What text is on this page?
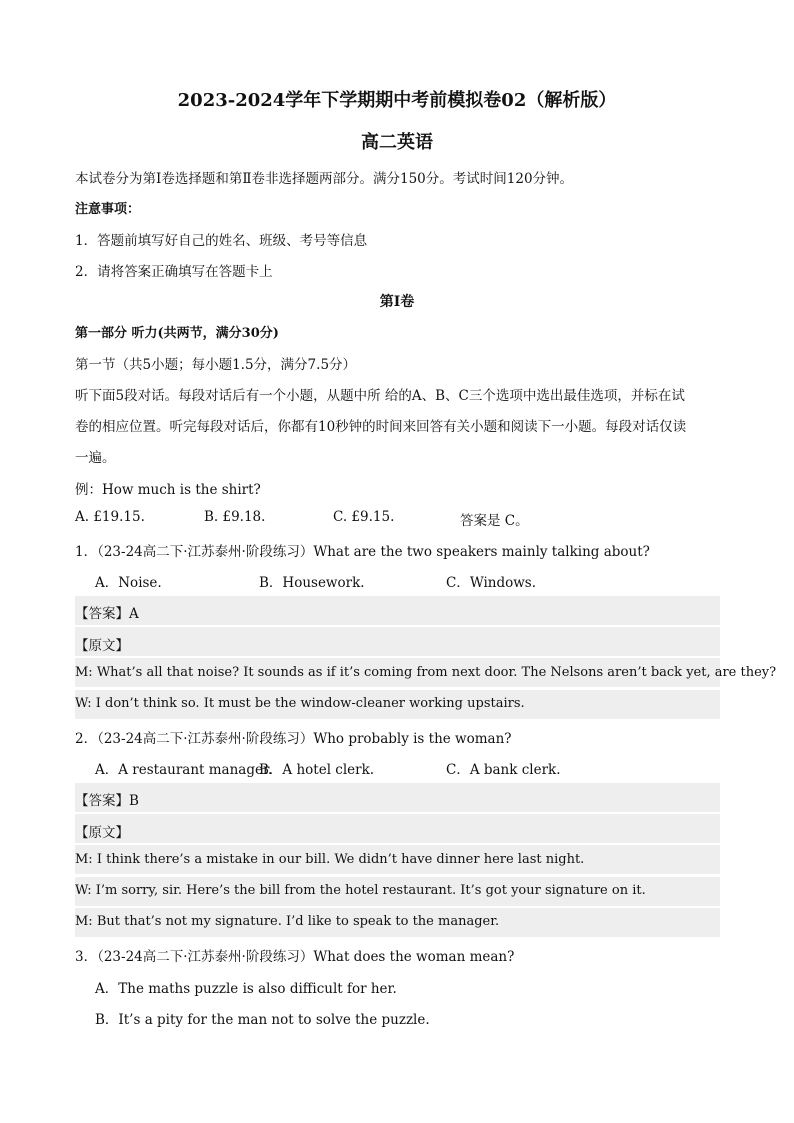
2023-2024学年下学期期中考前模拟卷02（解析版）
高二英语
本试卷分为第Ⅰ卷选择题和第Ⅱ卷非选择题两部分。满分150分。考试时间120分钟。
注意事项：
1．答题前填写好自己的姓名、班级、考号等信息
2．请将答案正确填写在答题卡上
第Ⅰ卷
第一部分 听力(共两节，满分30分)
第一节（共5小题；每小题1.5分，满分7.5分）
听下面5段对话。每段对话后有一个小题，从题中所 给的A、B、C三个选项中选出最佳选项，并标在试
卷的相应位置。听完每段对话后，你都有10秒钟的时间来回答有关小题和阅读下一小题。每段对话仅读
一遍。
例：How much is the shirt?
A. £19.15.	B. £9.18.	C. £9.15.	答案是 C。
1．（23-24高二下·江苏泰州·阶段练习）What are the two speakers mainly talking about?
A．Noise.	B．Housework.	C．Windows.
【答案】A
【原文】
M: What’s all that noise? It sounds as if it’s coming from next door. The Nelsons aren’t back yet, are they?
W: I don’t think so. It must be the window-cleaner working upstairs.
2．（23-24高二下·江苏泰州·阶段练习）Who probably is the woman?
A．A restaurant manager.
B．A hotel clerk.	C．A bank clerk.
【答案】B
【原文】
M: I think there’s a mistake in our bill. We didn’t have dinner here last night.
W: I’m sorry, sir. Here’s the bill from the hotel restaurant. It’s got your signature on it.
M: But that’s not my signature. I’d like to speak to the manager.
3．（23-24高二下·江苏泰州·阶段练习）What does the woman mean?
A．The maths puzzle is also difficult for her.
B．It’s a pity for the man not to solve the puzzle.
